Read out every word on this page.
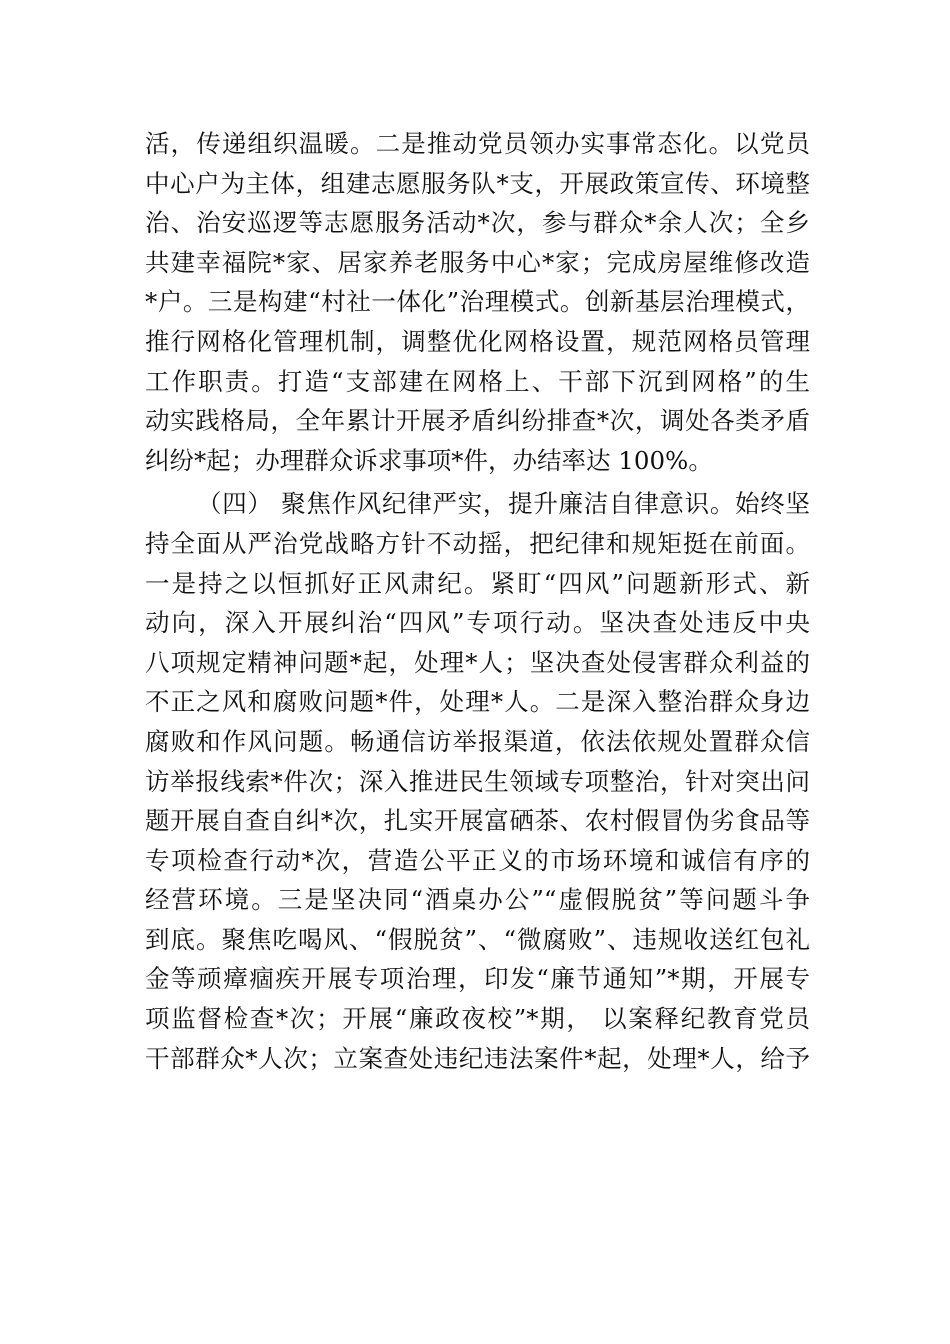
活，传递组织温暖。二是推动党员领办实事常态化。以党员
中心户为主体，组建志愿服务队*支，开展政策宣传、环境整
治、治安巡逻等志愿服务活动*次，参与群众*余人次；全乡
共建幸福院*家、居家养老服务中心*家；完成房屋维修改造
*户。三是构建“村社一体化”治理模式。创新基层治理模式，
推行网格化管理机制，调整优化网格设置，规范网格员管理
工作职责。打造“支部建在网格上、干部下沉到网格”的生
动实践格局，全年累计开展矛盾纠纷排查*次，调处各类矛盾
纠纷*起；办理群众诉求事项*件，办结率达 100%。
（四） 聚焦作风纪律严实，提升廉洁自律意识。始终坚
持全面从严治党战略方针不动摇，把纪律和规矩挺在前面。
一是持之以恒抓好正风肃纪。紧盯“四风”问题新形式、新
动向，深入开展纠治“四风”专项行动。坚决查处违反中央
八项规定精神问题*起，处理*人；坚决查处侵害群众利益的
不正之风和腐败问题*件，处理*人。二是深入整治群众身边
腐败和作风问题。畅通信访举报渠道，依法依规处置群众信
访举报线索*件次；深入推进民生领域专项整治，针对突出问
题开展自查自纠*次，扎实开展富硒茶、农村假冒伪劣食品等
专项检查行动*次，营造公平正义的市场环境和诚信有序的
经营环境。三是坚决同“酒桌办公”“虚假脱贫”等问题斗争
到底。聚焦吃喝风、“假脱贫”、“微腐败”、违规收送红包礼
金等顽瘴痼疾开展专项治理，印发“廉节通知”*期，开展专
项监督检查*次；开展“廉政夜校”*期， 以案释纪教育党员
干部群众*人次；立案查处违纪违法案件*起，处理*人，给予
